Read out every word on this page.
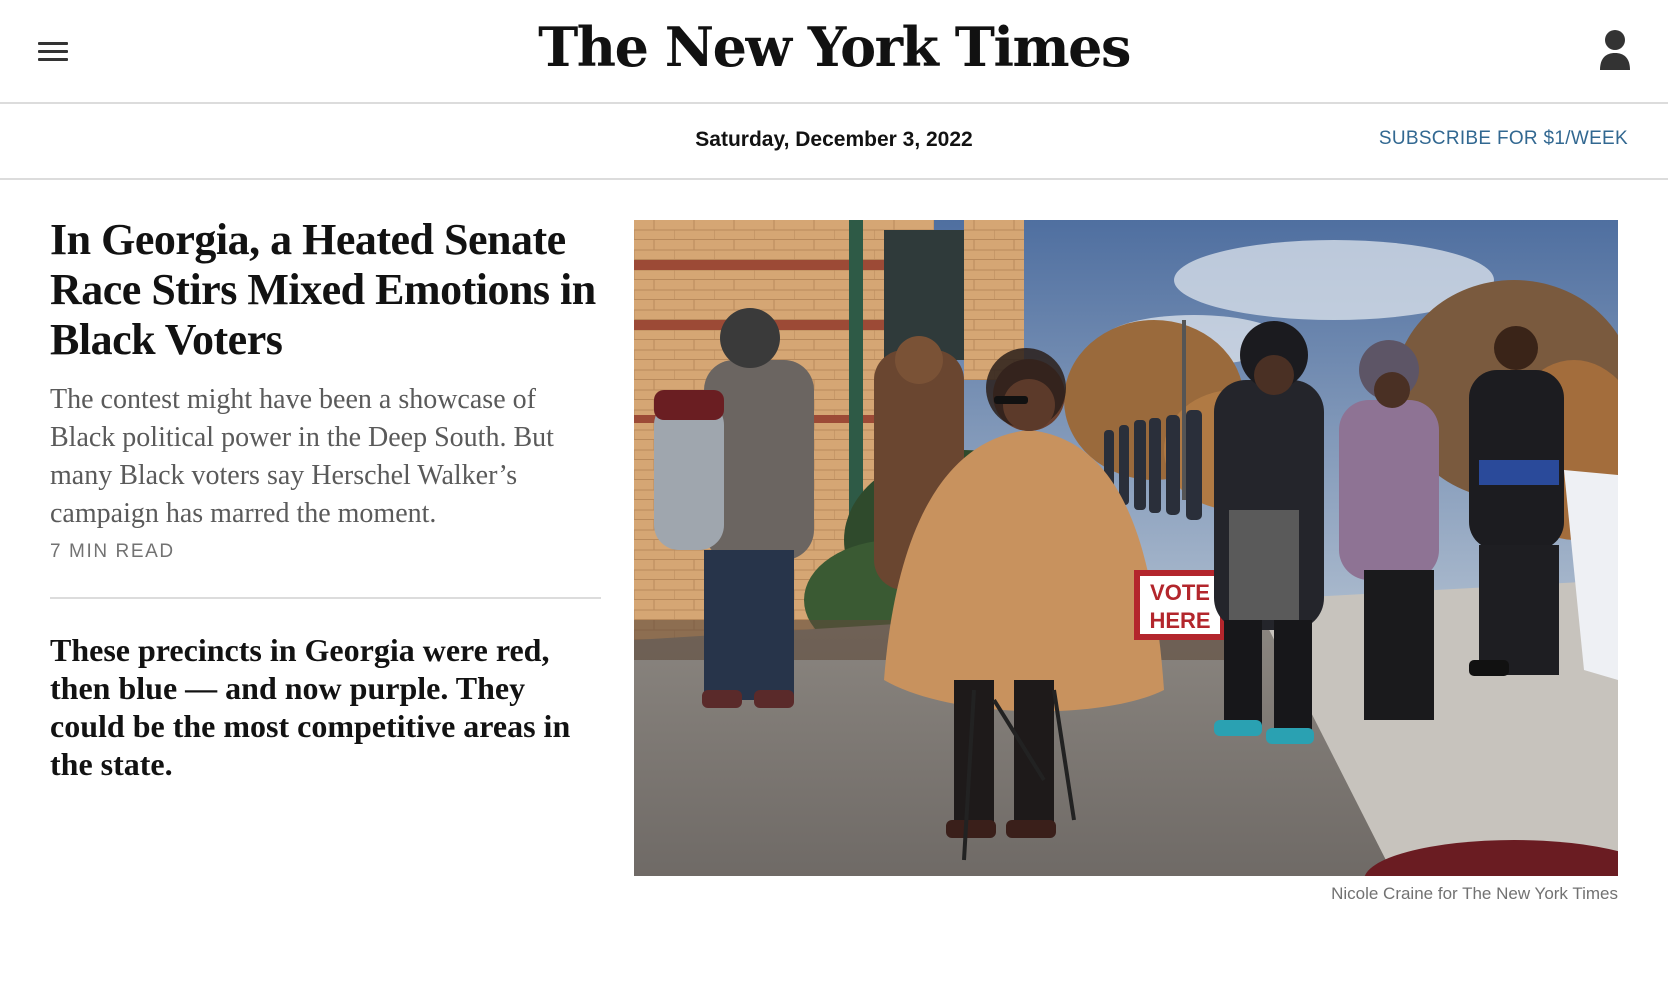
The New York Times
Saturday, December 3, 2022	SUBSCRIBE FOR $1/WEEK
In Georgia, a Heated Senate Race Stirs Mixed Emotions in Black Voters

The contest might have been a showcase of Black political power in the Deep South. But many Black voters say Herschel Walker’s campaign has marred the moment.

7 MIN READ
These precincts in Georgia were red, then blue — and now purple. They could be the most competitive areas in the state.
VOTE
HERE
Nicole Craine for The New York Times
